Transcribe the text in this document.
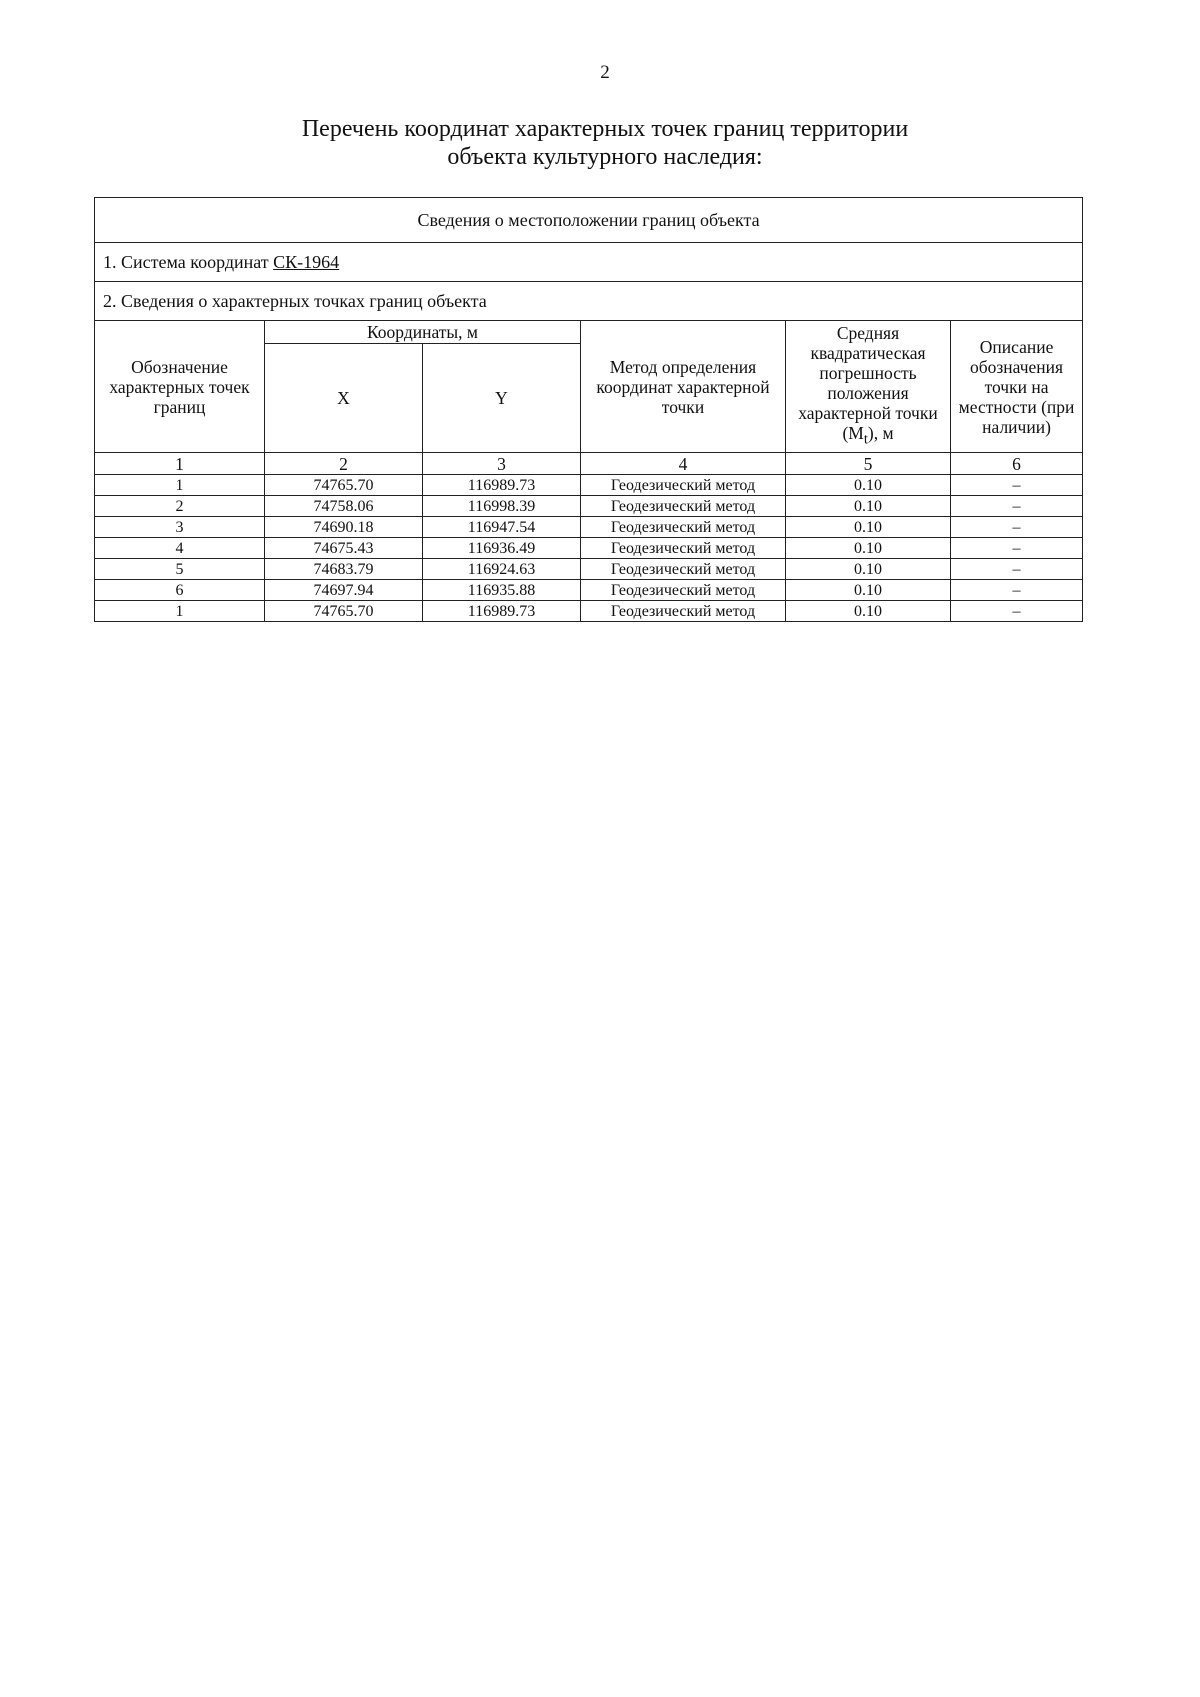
2
Перечень координат характерных точек границ территории
объекта культурного наследия:
Сведения о местоположении границ объекта					
1. Система координат СК-1964					
2. Сведения о характерных точках границ объекта					
Обозначение характерных точек границ	Координаты, м		Метод определения координат характерной точки	Средняя квадратическая погрешность положения характерной точки $(M_t)$, м	Описание обозначения точки на местности (при наличии)
	X	Y			
1	2	3	4	5	6
1	74765.70	116989.73	Геодезический метод	0.10	–
2	74758.06	116998.39	Геодезический метод	0.10	–
3	74690.18	116947.54	Геодезический метод	0.10	–
4	74675.43	116936.49	Геодезический метод	0.10	–
5	74683.79	116924.63	Геодезический метод	0.10	–
6	74697.94	116935.88	Геодезический метод	0.10	–
1	74765.70	116989.73	Геодезический метод	0.10	–
